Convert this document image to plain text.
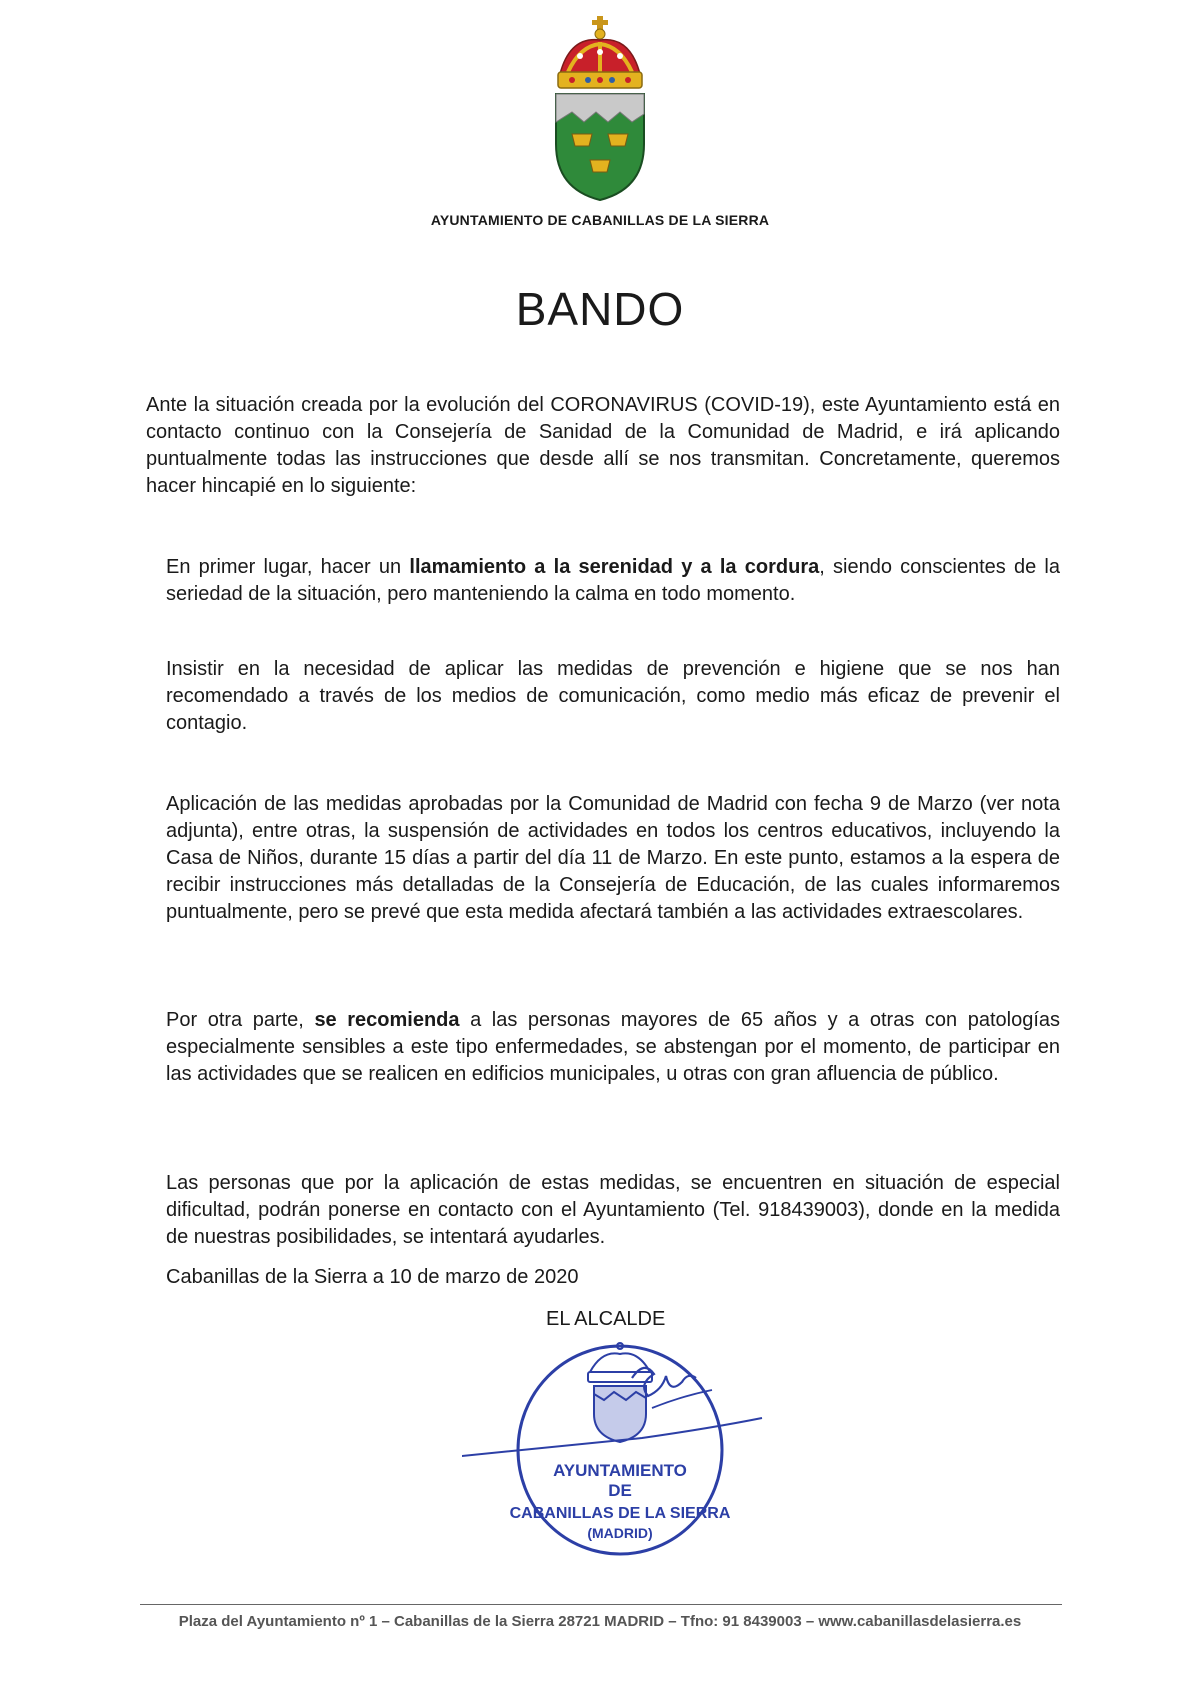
AYUNTAMIENTO DE CABANILLAS DE LA SIERRA
BANDO
Ante la situación creada por la evolución del CORONAVIRUS (COVID-19), este Ayuntamiento está en contacto continuo con la Consejería de Sanidad de la Comunidad de Madrid, e irá aplicando puntualmente todas las instrucciones que desde allí se nos transmitan. Concretamente, queremos hacer hincapié en lo siguiente:

En primer lugar, hacer un llamamiento a la serenidad y a la cordura, siendo conscientes de la seriedad de la situación, pero manteniendo la calma en todo momento.

Insistir en la necesidad de aplicar las medidas de prevención e higiene que se nos han recomendado a través de los medios de comunicación, como medio más eficaz de prevenir el contagio.

Aplicación de las medidas aprobadas por la Comunidad de Madrid con fecha 9 de Marzo (ver nota adjunta), entre otras, la suspensión de actividades en todos los centros educativos, incluyendo la Casa de Niños, durante 15 días a partir del día 11 de Marzo. En este punto, estamos a la espera de recibir instrucciones más detalladas de la Consejería de Educación, de las cuales informaremos puntualmente, pero se prevé que esta medida afectará también a las actividades extraescolares.

Por otra parte, se recomienda a las personas mayores de 65 años y a otras con patologías especialmente sensibles a este tipo enfermedades, se abstengan por el momento, de participar en las actividades que se realicen en edificios municipales, u otras con gran afluencia de público.

Las personas que por la aplicación de estas medidas, se encuentren en situación de especial dificultad, podrán ponerse en contacto con el Ayuntamiento (Tel. 918439003), donde en la medida de nuestras posibilidades, se intentará ayudarles.

Cabanillas de la Sierra a 10 de marzo de 2020
EL ALCALDE
AYUNTAMIENTO
DE
CABANILLAS DE LA SIERRA
(MADRID)
Plaza del Ayuntamiento nº 1 – Cabanillas de la Sierra 28721 MADRID – Tfno: 91 8439003 – www.cabanillasdelasierra.es
